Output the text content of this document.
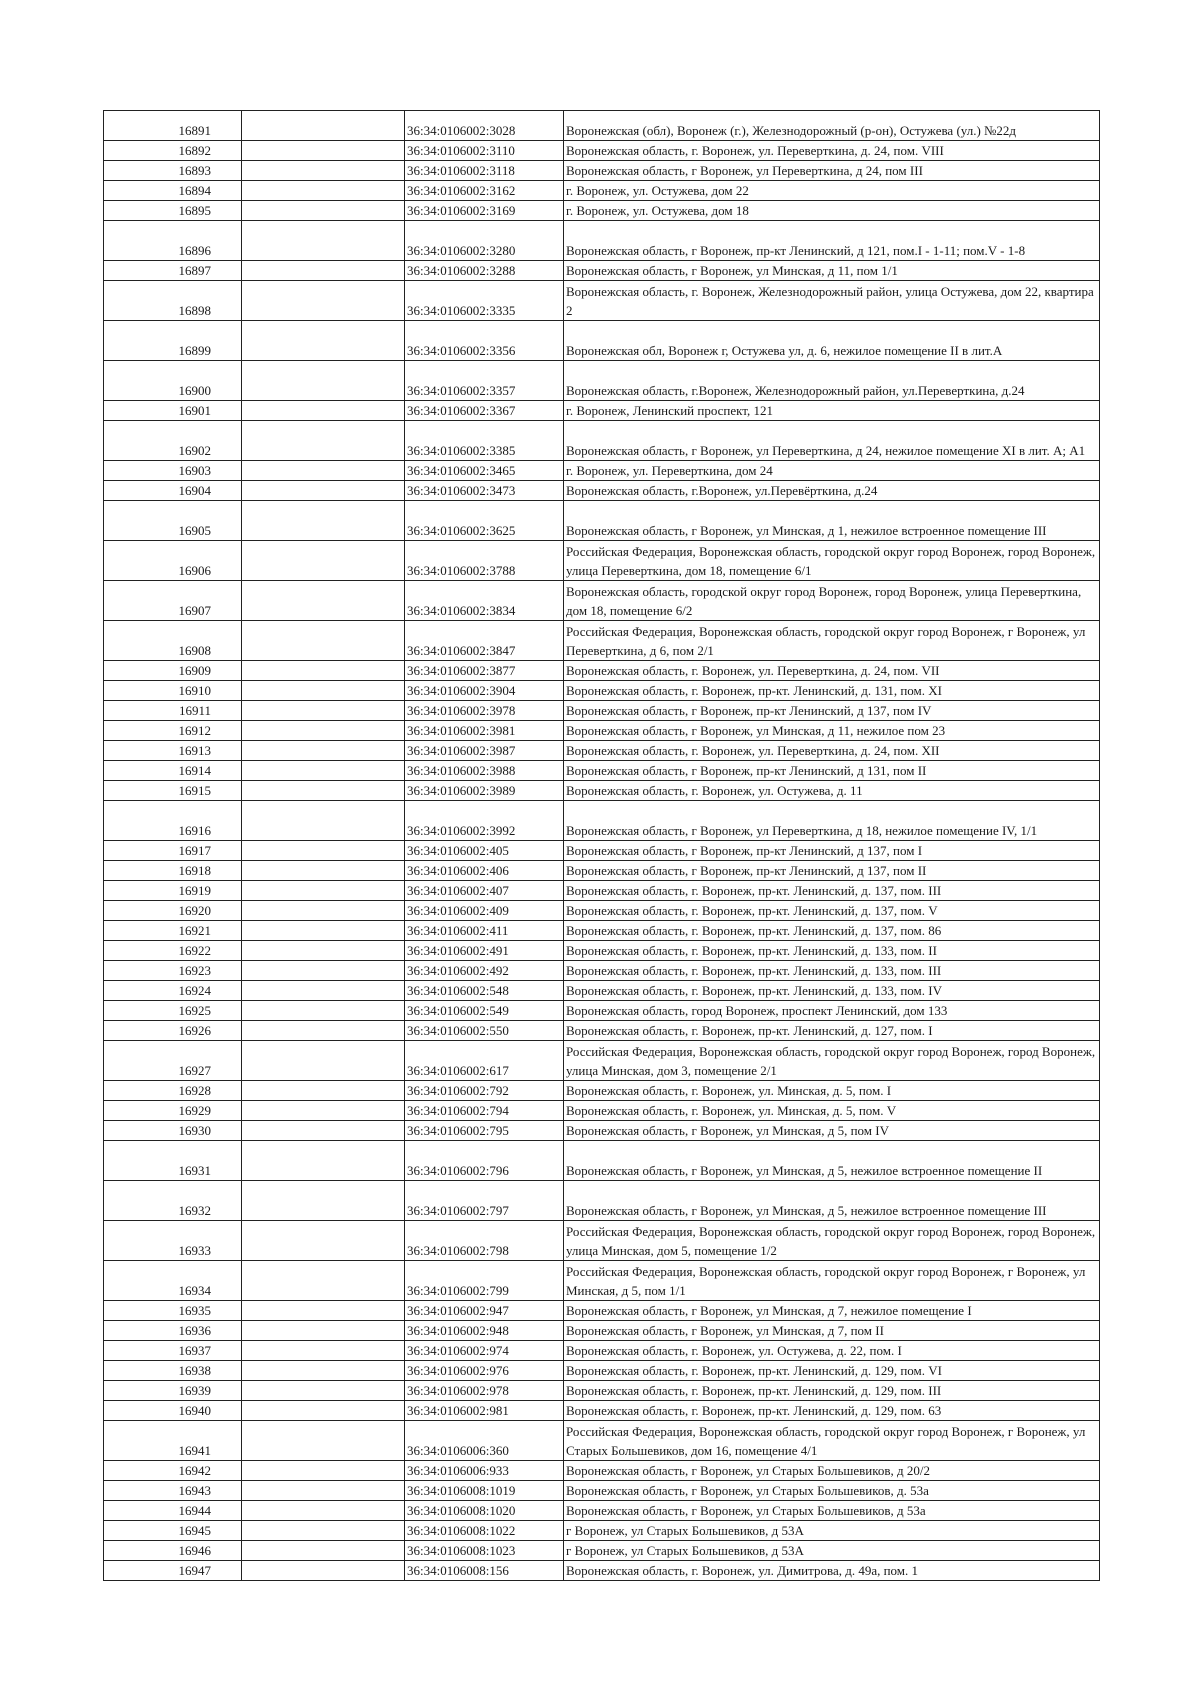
16891		36:34:0106002:3028	Воронежская (обл), Воронеж (г.), Железнодорожный (р-он), Остужева (ул.) №22д
16892		36:34:0106002:3110	Воронежская область, г. Воронеж, ул. Переверткина, д. 24, пом. VIII
16893		36:34:0106002:3118	Воронежская область, г Воронеж, ул Переверткина, д 24, пом III
16894		36:34:0106002:3162	г. Воронеж, ул. Остужева, дом 22
16895		36:34:0106002:3169	г. Воронеж, ул. Остужева, дом 18
16896		36:34:0106002:3280	Воронежская область, г Воронеж, пр-кт Ленинский, д 121, пом.I - 1-11; пом.V - 1-8
16897		36:34:0106002:3288	Воронежская область, г Воронеж, ул Минская, д 11, пом 1/1
16898		36:34:0106002:3335	Воронежская область, г. Воронеж, Железнодорожный район, улица Остужева, дом 22, квартира 2
16899		36:34:0106002:3356	Воронежская обл, Воронеж г, Остужева ул, д. 6, нежилое помещение II в лит.А
16900		36:34:0106002:3357	Воронежская область, г.Воронеж, Железнодорожный район, ул.Переверткина, д.24
16901		36:34:0106002:3367	г. Воронеж, Ленинский проспект, 121
16902		36:34:0106002:3385	Воронежская область, г Воронеж, ул Переверткина, д 24, нежилое помещение XI в лит. А; А1
16903		36:34:0106002:3465	г. Воронеж, ул. Переверткина, дом 24
16904		36:34:0106002:3473	Воронежская область, г.Воронеж, ул.Перевёрткина, д.24
16905		36:34:0106002:3625	Воронежская область, г Воронеж, ул Минская, д 1, нежилое встроенное помещение III
16906		36:34:0106002:3788	Российская Федерация, Воронежская область, городской округ город Воронеж, город Воронеж, улица Переверткина, дом 18, помещение 6/1
16907		36:34:0106002:3834	Воронежская область, городской округ город Воронеж, город Воронеж, улица Переверткина, дом 18, помещение 6/2
16908		36:34:0106002:3847	Российская Федерация, Воронежская область, городской округ город Воронеж, г Воронеж, ул Переверткина, д 6, пом 2/1
16909		36:34:0106002:3877	Воронежская область, г. Воронеж, ул. Переверткина, д. 24, пом. VII
16910		36:34:0106002:3904	Воронежская область, г. Воронеж, пр-кт. Ленинский, д. 131, пом. XI
16911		36:34:0106002:3978	Воронежская область, г Воронеж, пр-кт Ленинский, д 137, пом IV
16912		36:34:0106002:3981	Воронежская область, г Воронеж, ул Минская, д 11, нежилое пом 23
16913		36:34:0106002:3987	Воронежская область, г. Воронеж, ул. Переверткина, д. 24, пом. XII
16914		36:34:0106002:3988	Воронежская область, г Воронеж, пр-кт Ленинский, д 131, пом II
16915		36:34:0106002:3989	Воронежская область, г. Воронеж, ул. Остужева, д. 11
16916		36:34:0106002:3992	Воронежская область, г Воронеж, ул Переверткина, д 18, нежилое помещение IV, 1/1
16917		36:34:0106002:405	Воронежская область, г Воронеж, пр-кт Ленинский, д 137, пом I
16918		36:34:0106002:406	Воронежская область, г Воронеж, пр-кт Ленинский, д 137, пом II
16919		36:34:0106002:407	Воронежская область, г. Воронеж, пр-кт. Ленинский, д. 137, пом. III
16920		36:34:0106002:409	Воронежская область, г. Воронеж, пр-кт. Ленинский, д. 137, пом. V
16921		36:34:0106002:411	Воронежская область, г. Воронеж, пр-кт. Ленинский, д. 137, пом. 86
16922		36:34:0106002:491	Воронежская область, г. Воронеж, пр-кт. Ленинский, д. 133, пом. II
16923		36:34:0106002:492	Воронежская область, г. Воронеж, пр-кт. Ленинский, д. 133, пом. III
16924		36:34:0106002:548	Воронежская область, г. Воронеж, пр-кт. Ленинский, д. 133, пом. IV
16925		36:34:0106002:549	Воронежская область, город Воронеж, проспект Ленинский, дом 133
16926		36:34:0106002:550	Воронежская область, г. Воронеж, пр-кт. Ленинский, д. 127, пом. I
16927		36:34:0106002:617	Российская Федерация, Воронежская область, городской округ город Воронеж, город Воронеж, улица Минская, дом 3, помещение 2/1
16928		36:34:0106002:792	Воронежская область, г. Воронеж, ул. Минская, д. 5, пом. I
16929		36:34:0106002:794	Воронежская область, г. Воронеж, ул. Минская, д. 5, пом. V
16930		36:34:0106002:795	Воронежская область, г Воронеж, ул Минская, д 5, пом IV
16931		36:34:0106002:796	Воронежская область, г Воронеж, ул Минская, д 5, нежилое встроенное помещение II
16932		36:34:0106002:797	Воронежская область, г Воронеж, ул Минская, д 5, нежилое встроенное помещение III
16933		36:34:0106002:798	Российская Федерация, Воронежская область, городской округ город Воронеж, город Воронеж, улица Минская, дом 5, помещение 1/2
16934		36:34:0106002:799	Российская Федерация, Воронежская область, городской округ город Воронеж, г Воронеж, ул Минская, д 5, пом 1/1
16935		36:34:0106002:947	Воронежская область, г Воронеж, ул Минская, д 7, нежилое помещение I
16936		36:34:0106002:948	Воронежская область, г Воронеж, ул Минская, д 7, пом II
16937		36:34:0106002:974	Воронежская область, г. Воронеж, ул. Остужева, д. 22, пом. I
16938		36:34:0106002:976	Воронежская область, г. Воронеж, пр-кт. Ленинский, д. 129, пом. VI
16939		36:34:0106002:978	Воронежская область, г. Воронеж, пр-кт. Ленинский, д. 129, пом. III
16940		36:34:0106002:981	Воронежская область, г. Воронеж, пр-кт. Ленинский, д. 129, пом. 63
16941		36:34:0106006:360	Российская Федерация, Воронежская область, городской округ город Воронеж, г Воронеж, ул Старых Большевиков, дом 16, помещение 4/1
16942		36:34:0106006:933	Воронежская область, г Воронеж, ул Старых Большевиков, д 20/2
16943		36:34:0106008:1019	Воронежская область, г Воронеж, ул Старых Большевиков, д. 53а
16944		36:34:0106008:1020	Воронежская область, г Воронеж, ул Старых Большевиков, д 53а
16945		36:34:0106008:1022	г Воронеж, ул Старых Большевиков, д 53А
16946		36:34:0106008:1023	г Воронеж, ул Старых Большевиков, д 53А
16947		36:34:0106008:156	Воронежская область, г. Воронеж, ул. Димитрова, д. 49а, пом. 1
